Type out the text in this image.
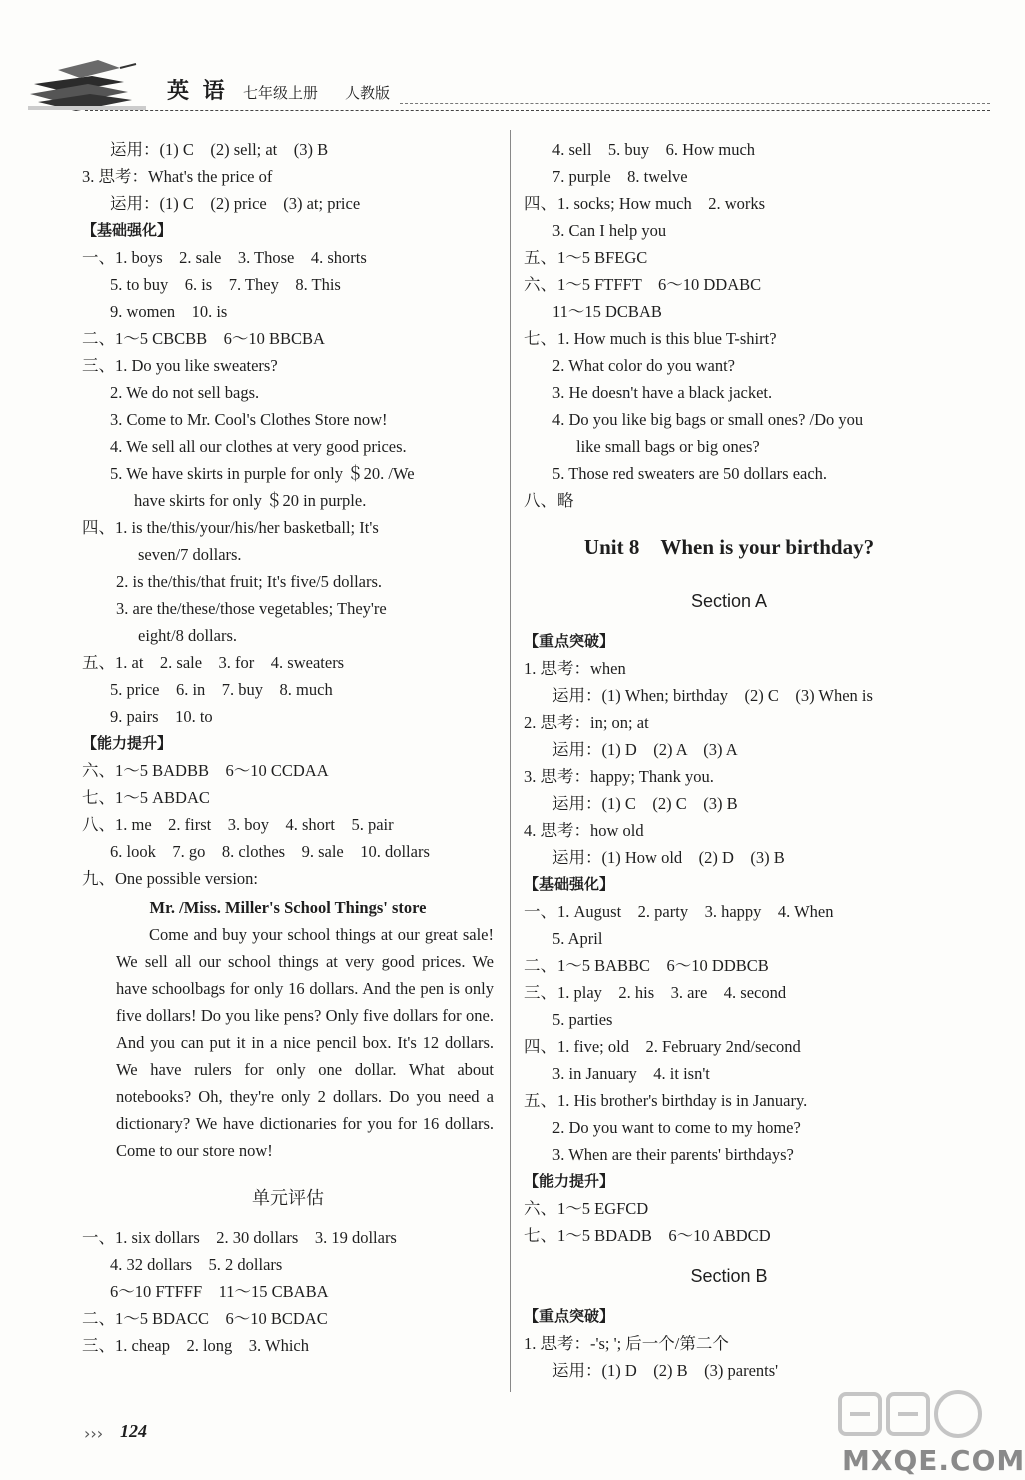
英 语 七年级上册 人教版

运用：(1) C　(2) sell; at　(3) B

3. 思考：What's the price of

运用：(1) C　(2) price　(3) at; price

【基础强化】

一、1. boys　2. sale　3. Those　4. shorts

5. to buy　6. is　7. They　8. This

9. women　10. is

二、1～5 CBCBB　6～10 BBCBA

三、1. Do you like sweaters?

2. We do not sell bags.

3. Come to Mr. Cool's Clothes Store now!

4. We sell all our clothes at very good prices.

5. We have skirts in purple for only ＄20. /We

have skirts for only ＄20 in purple.

四、1. is the/this/your/his/her basketball; It's

seven/7 dollars.

2. is the/this/that fruit; It's five/5 dollars.

3. are the/these/those vegetables; They're

eight/8 dollars.

五、1. at　2. sale　3. for　4. sweaters

5. price　6. in　7. buy　8. much

9. pairs　10. to

【能力提升】

六、1～5 BADBB　6～10 CCDAA

七、1～5 ABDAC

八、1. me　2. first　3. boy　4. short　5. pair

6. look　7. go　8. clothes　9. sale　10. dollars

九、One possible version:

Mr. /Miss. Miller's School Things' store

Come and buy your school things at our great sale! We sell all our school things at very good prices. We have schoolbags for only 16 dollars. And the pen is only five dollars! Do you like pens? Only five dollars for one. And you can put it in a nice pencil box. It's 12 dollars. We have rulers for only one dollar. What about notebooks? Oh, they're only 2 dollars. Do you need a dictionary? We have dictionaries for you for 16 dollars. Come to our store now!

单元评估

一、1. six dollars　2. 30 dollars　3. 19 dollars

4. 32 dollars　5. 2 dollars

6～10 FTFFF　11～15 CBABA

二、1～5 BDACC　6～10 BCDAC

三、1. cheap　2. long　3. Which

4. sell　5. buy　6. How much

7. purple　8. twelve

四、1. socks; How much　2. works

3. Can I help you

五、1～5 BFEGC

六、1～5 FTFFT　6～10 DDABC

11～15 DCBAB

七、1. How much is this blue T-shirt?

2. What color do you want?

3. He doesn't have a black jacket.

4. Do you like big bags or small ones? /Do you

like small bags or big ones?

5. Those red sweaters are 50 dollars each.

八、略

Unit 8　When is your birthday?

Section A

【重点突破】

1. 思考：when

运用：(1) When; birthday　(2) C　(3) When is

2. 思考：in; on; at

运用：(1) D　(2) A　(3) A

3. 思考：happy; Thank you.

运用：(1) C　(2) C　(3) B

4. 思考：how old

运用：(1) How old　(2) D　(3) B

【基础强化】

一、1. August　2. party　3. happy　4. When

5. April

二、1～5 BABBC　6～10 DDBCB

三、1. play　2. his　3. are　4. second

5. parties

四、1. five; old　2. February 2nd/second

3. in January　4. it isn't

五、1. His brother's birthday is in January.

2. Do you want to come to my home?

3. When are their parents' birthdays?

【能力提升】

六、1～5 EGFCD

七、1～5 BDADB　6～10 ABDCD

Section B

【重点突破】

1. 思考：-'s; '; 后一个/第二个

运用：(1) D　(2) B　(3) parents'

››› 124
MXQE.COM
